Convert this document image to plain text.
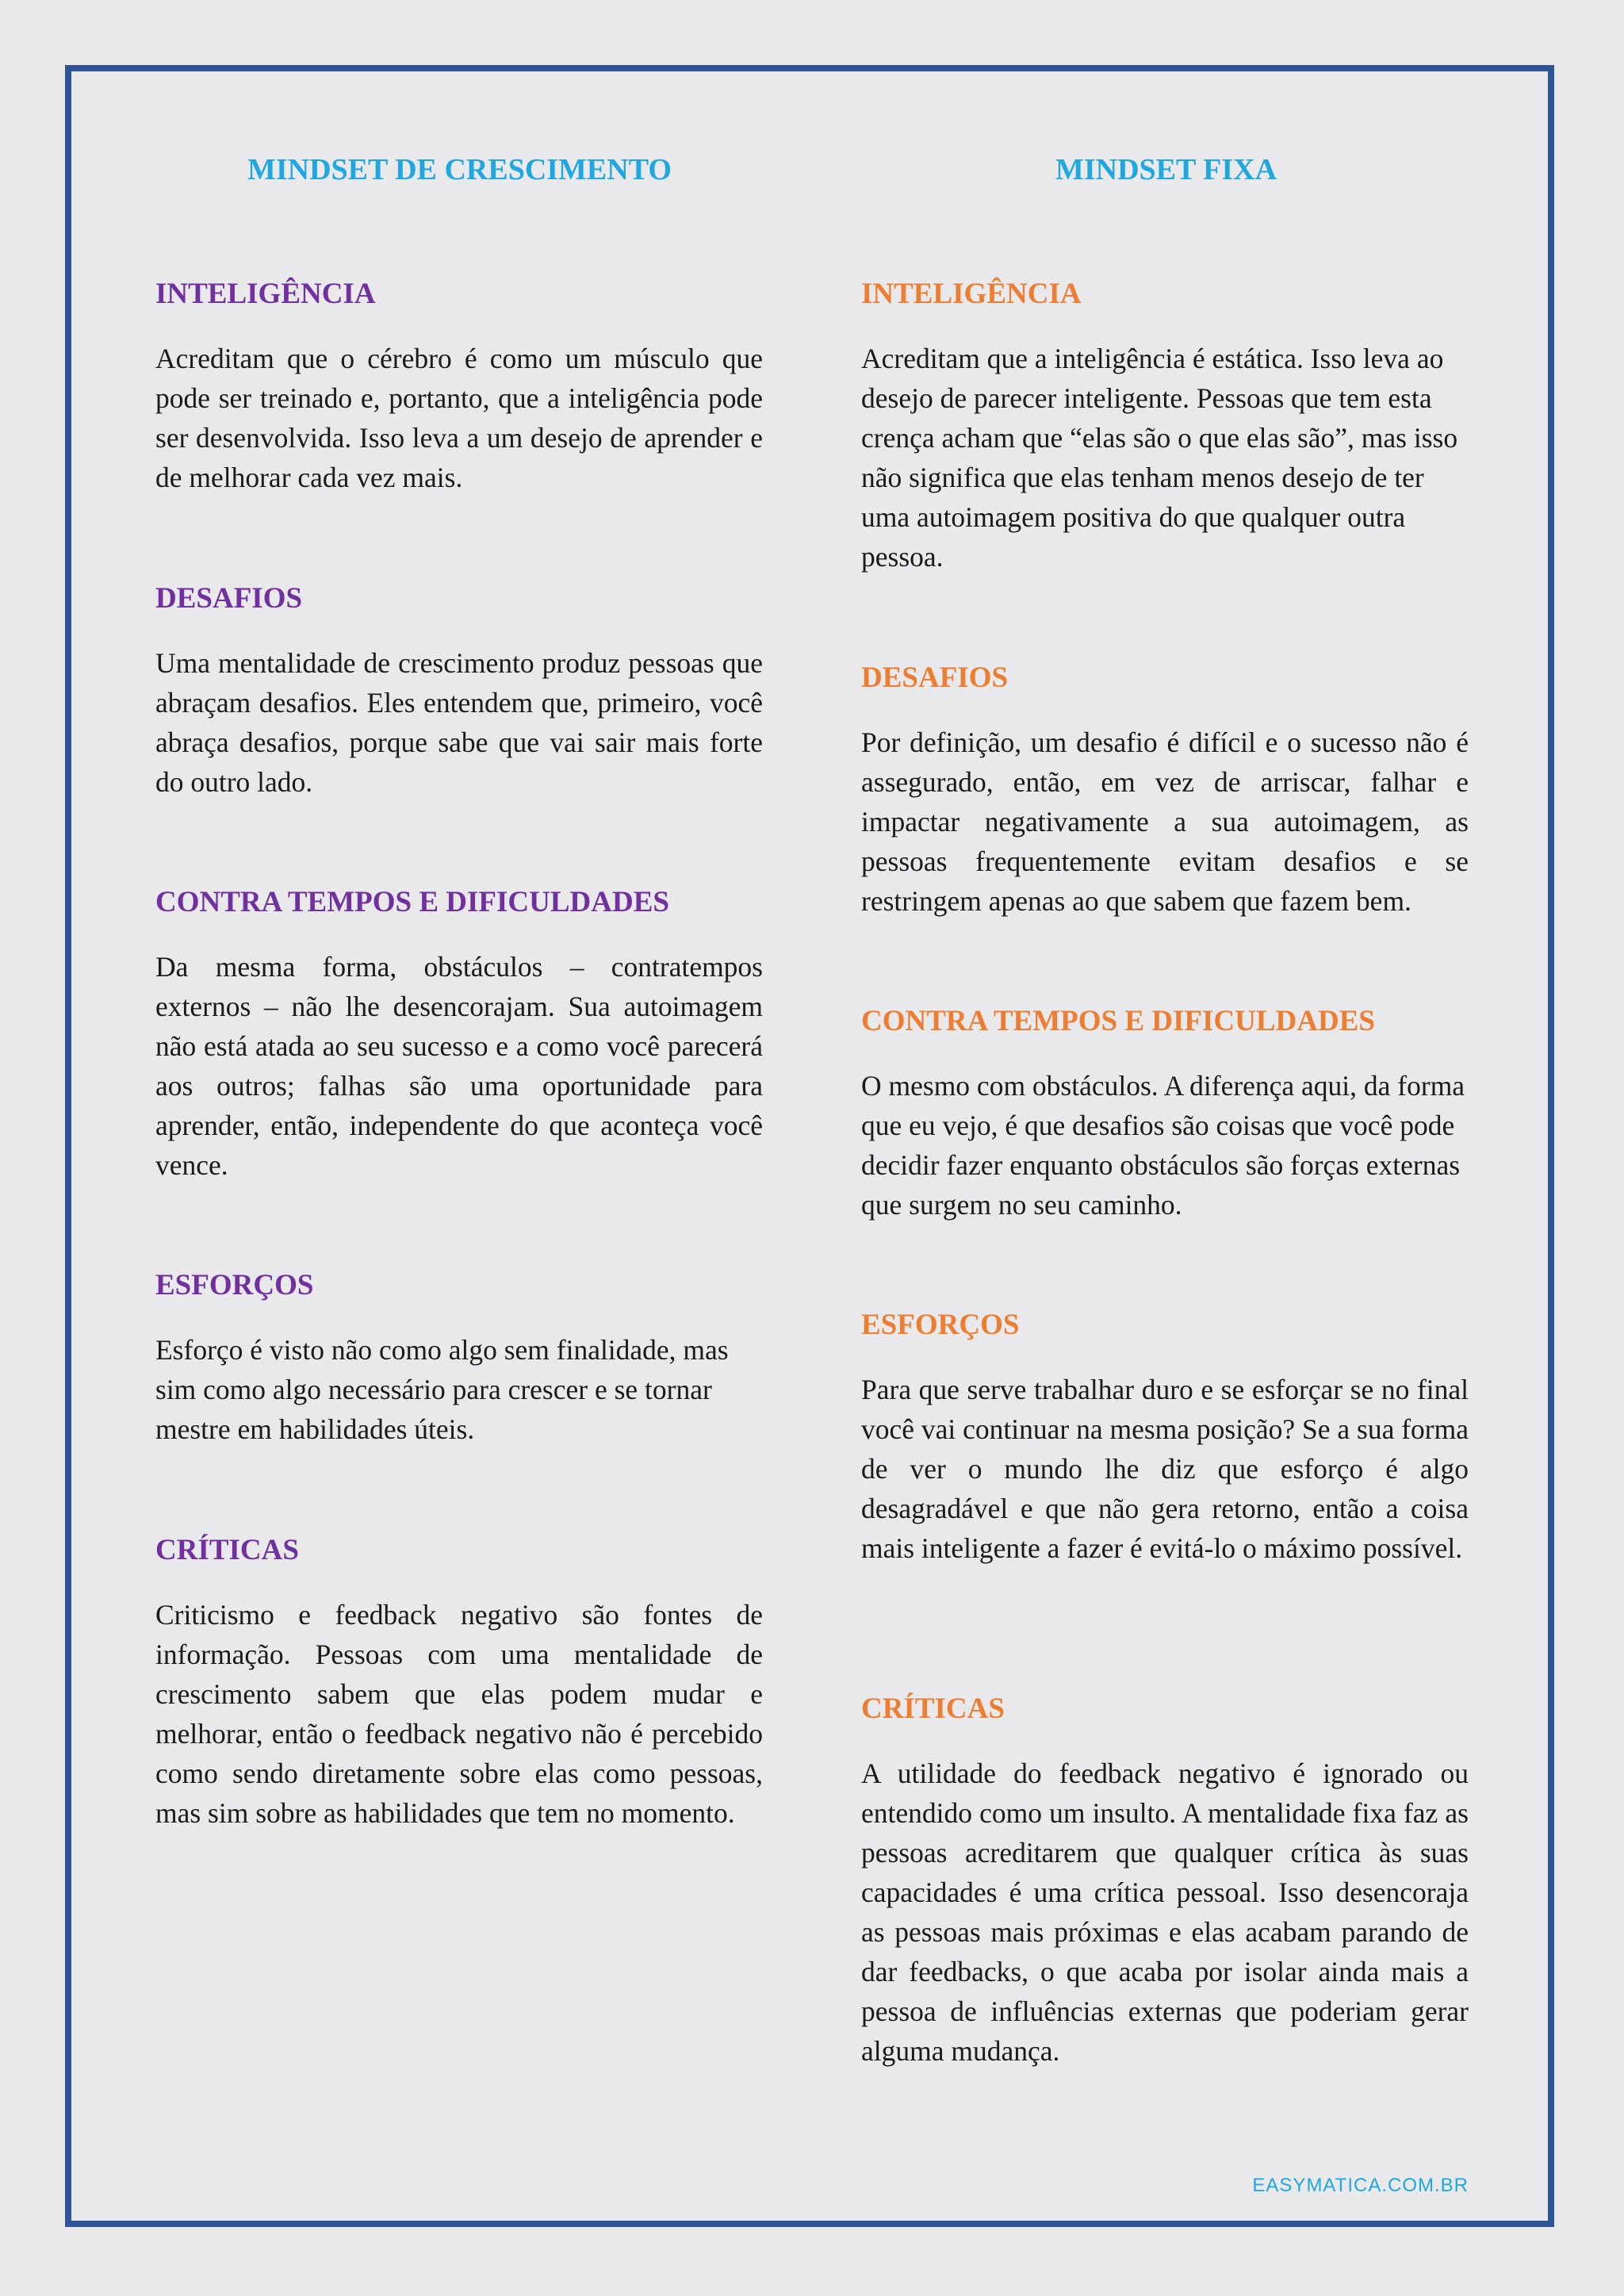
MINDSET DE CRESCIMENTO
INTELIGÊNCIA

Acreditam que o cérebro é como um músculo que pode ser treinado e, portanto, que a inteligência pode ser desenvolvida. Isso leva a um desejo de aprender e de melhorar cada vez mais.

DESAFIOS

Uma mentalidade de crescimento produz pessoas que abraçam desafios. Eles entendem que, primeiro, você abraça desafios, porque sabe que vai sair mais forte do outro lado.

CONTRA TEMPOS E DIFICULDADES

Da mesma forma, obstáculos – contratempos externos – não lhe desencorajam. Sua autoimagem não está atada ao seu sucesso e a como você parecerá aos outros; falhas são uma oportunidade para aprender, então, independente do que aconteça você vence.

ESFORÇOS

Esforço é visto não como algo sem finalidade, mas sim como algo necessário para crescer e se tornar mestre em habilidades úteis.

CRÍTICAS

Criticismo e feedback negativo são fontes de informação. Pessoas com uma mentalidade de crescimento sabem que elas podem mudar e melhorar, então o feedback negativo não é percebido como sendo diretamente sobre elas como pessoas, mas sim sobre as habilidades que tem no momento.

MINDSET FIXA
INTELIGÊNCIA

Acreditam que a inteligência é estática. Isso leva ao desejo de parecer inteligente. Pessoas que tem esta crença acham que “elas são o que elas são”, mas isso não significa que elas tenham menos desejo de ter uma autoimagem positiva do que qualquer outra pessoa.

DESAFIOS

Por definição, um desafio é difícil e o sucesso não é assegurado, então, em vez de arriscar, falhar e impactar negativamente a sua autoimagem, as pessoas frequentemente evitam desafios e se restringem apenas ao que sabem que fazem bem.

CONTRA TEMPOS E DIFICULDADES

O mesmo com obstáculos. A diferença aqui, da forma que eu vejo, é que desafios são coisas que você pode decidir fazer enquanto obstáculos são forças externas que surgem no seu caminho.

ESFORÇOS

Para que serve trabalhar duro e se esforçar se no final você vai continuar na mesma posição? Se a sua forma de ver o mundo lhe diz que esforço é algo desagradável e que não gera retorno, então a coisa mais inteligente a fazer é evitá-lo o máximo possível.

CRÍTICAS

A utilidade do feedback negativo é ignorado ou entendido como um insulto. A mentalidade fixa faz as pessoas acreditarem que qualquer crítica às suas capacidades é uma crítica pessoal. Isso desencoraja as pessoas mais próximas e elas acabam parando de dar feedbacks, o que acaba por isolar ainda mais a pessoa de influências externas que poderiam gerar alguma mudança.

EASYMATICA.COM.BR
